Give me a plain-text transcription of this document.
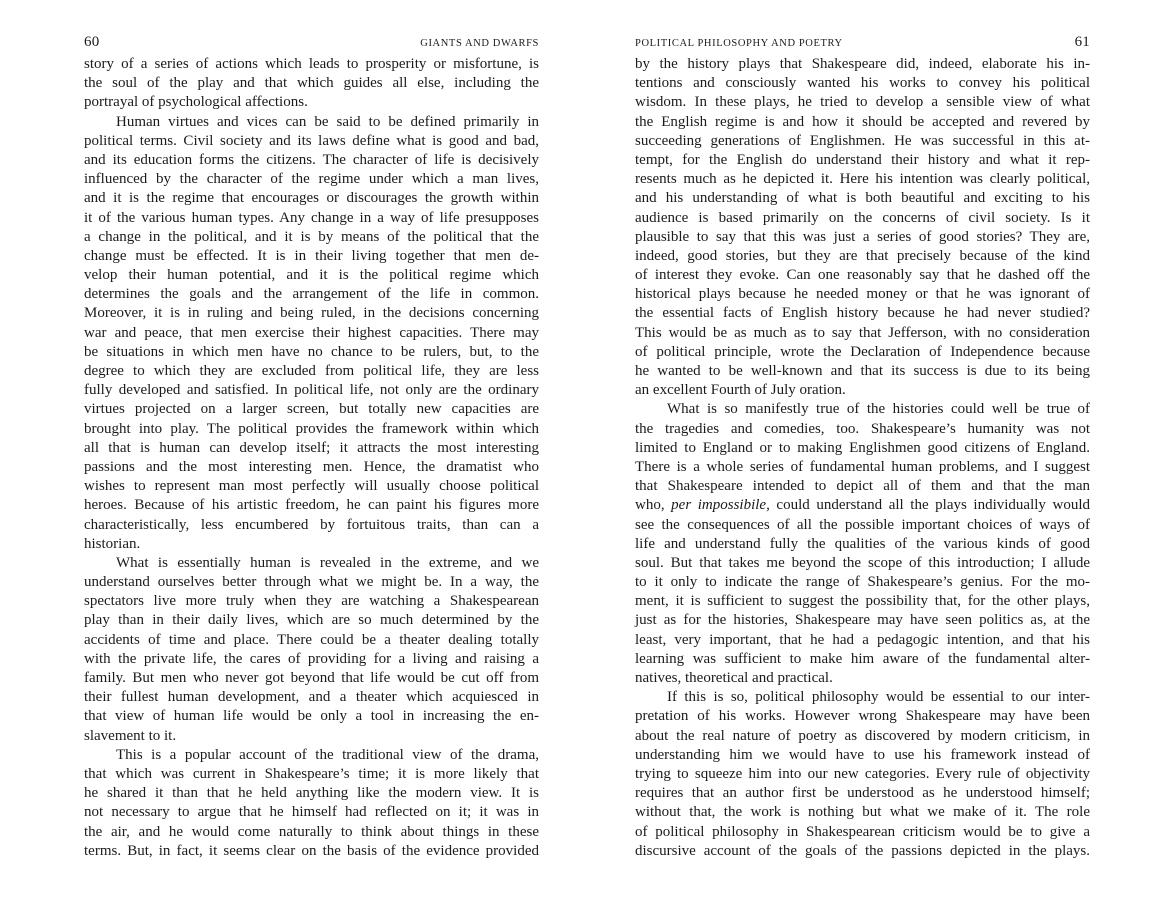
60	GIANTS AND DWARFS
story of a series of actions which leads to prosperity or misfortune, is
the soul of the play and that which guides all else, including the
portrayal of psychological affections.
Human virtues and vices can be said to be defined primarily in
political terms. Civil society and its laws define what is good and bad,
and its education forms the citizens. The character of life is decisively
influenced by the character of the regime under which a man lives,
and it is the regime that encourages or discourages the growth within
it of the various human types. Any change in a way of life presupposes
a change in the political, and it is by means of the political that the
change must be effected. It is in their living together that men de-
velop their human potential, and it is the political regime which
determines the goals and the arrangement of the life in common.
Moreover, it is in ruling and being ruled, in the decisions concerning
war and peace, that men exercise their highest capacities. There may
be situations in which men have no chance to be rulers, but, to the
degree to which they are excluded from political life, they are less
fully developed and satisfied. In political life, not only are the ordinary
virtues projected on a larger screen, but totally new capacities are
brought into play. The political provides the framework within which
all that is human can develop itself; it attracts the most interesting
passions and the most interesting men. Hence, the dramatist who
wishes to represent man most perfectly will usually choose political
heroes. Because of his artistic freedom, he can paint his figures more
characteristically, less encumbered by fortuitous traits, than can a
historian.
What is essentially human is revealed in the extreme, and we
understand ourselves better through what we might be. In a way, the
spectators live more truly when they are watching a Shakespearean
play than in their daily lives, which are so much determined by the
accidents of time and place. There could be a theater dealing totally
with the private life, the cares of providing for a living and raising a
family. But men who never got beyond that life would be cut off from
their fullest human development, and a theater which acquiesced in
that view of human life would be only a tool in increasing the en-
slavement to it.
This is a popular account of the traditional view of the drama,
that which was current in Shakespeare’s time; it is more likely that
he shared it than that he held anything like the modern view. It is
not necessary to argue that he himself had reflected on it; it was in
the air, and he would come naturally to think about things in these
terms. But, in fact, it seems clear on the basis of the evidence provided
POLITICAL PHILOSOPHY AND POETRY	61
by the history plays that Shakespeare did, indeed, elaborate his in-
tentions and consciously wanted his works to convey his political
wisdom. In these plays, he tried to develop a sensible view of what
the English regime is and how it should be accepted and revered by
succeeding generations of Englishmen. He was successful in this at-
tempt, for the English do understand their history and what it rep-
resents much as he depicted it. Here his intention was clearly political,
and his understanding of what is both beautiful and exciting to his
audience is based primarily on the concerns of civil society. Is it
plausible to say that this was just a series of good stories? They are,
indeed, good stories, but they are that precisely because of the kind
of interest they evoke. Can one reasonably say that he dashed off the
historical plays because he needed money or that he was ignorant of
the essential facts of English history because he had never studied?
This would be as much as to say that Jefferson, with no consideration
of political principle, wrote the Declaration of Independence because
he wanted to be well-known and that its success is due to its being
an excellent Fourth of July oration.
What is so manifestly true of the histories could well be true of
the tragedies and comedies, too. Shakespeare’s humanity was not
limited to England or to making Englishmen good citizens of England.
There is a whole series of fundamental human problems, and I suggest
that Shakespeare intended to depict all of them and that the man
who, per impossibile, could understand all the plays individually would
see the consequences of all the possible important choices of ways of
life and understand fully the qualities of the various kinds of good
soul. But that takes me beyond the scope of this introduction; I allude
to it only to indicate the range of Shakespeare’s genius. For the mo-
ment, it is sufficient to suggest the possibility that, for the other plays,
just as for the histories, Shakespeare may have seen politics as, at the
least, very important, that he had a pedagogic intention, and that his
learning was sufficient to make him aware of the fundamental alter-
natives, theoretical and practical.
If this is so, political philosophy would be essential to our inter-
pretation of his works. However wrong Shakespeare may have been
about the real nature of poetry as discovered by modern criticism, in
understanding him we would have to use his framework instead of
trying to squeeze him into our new categories. Every rule of objectivity
requires that an author first be understood as he understood himself;
without that, the work is nothing but what we make of it. The role
of political philosophy in Shakespearean criticism would be to give a
discursive account of the goals of the passions depicted in the plays.
